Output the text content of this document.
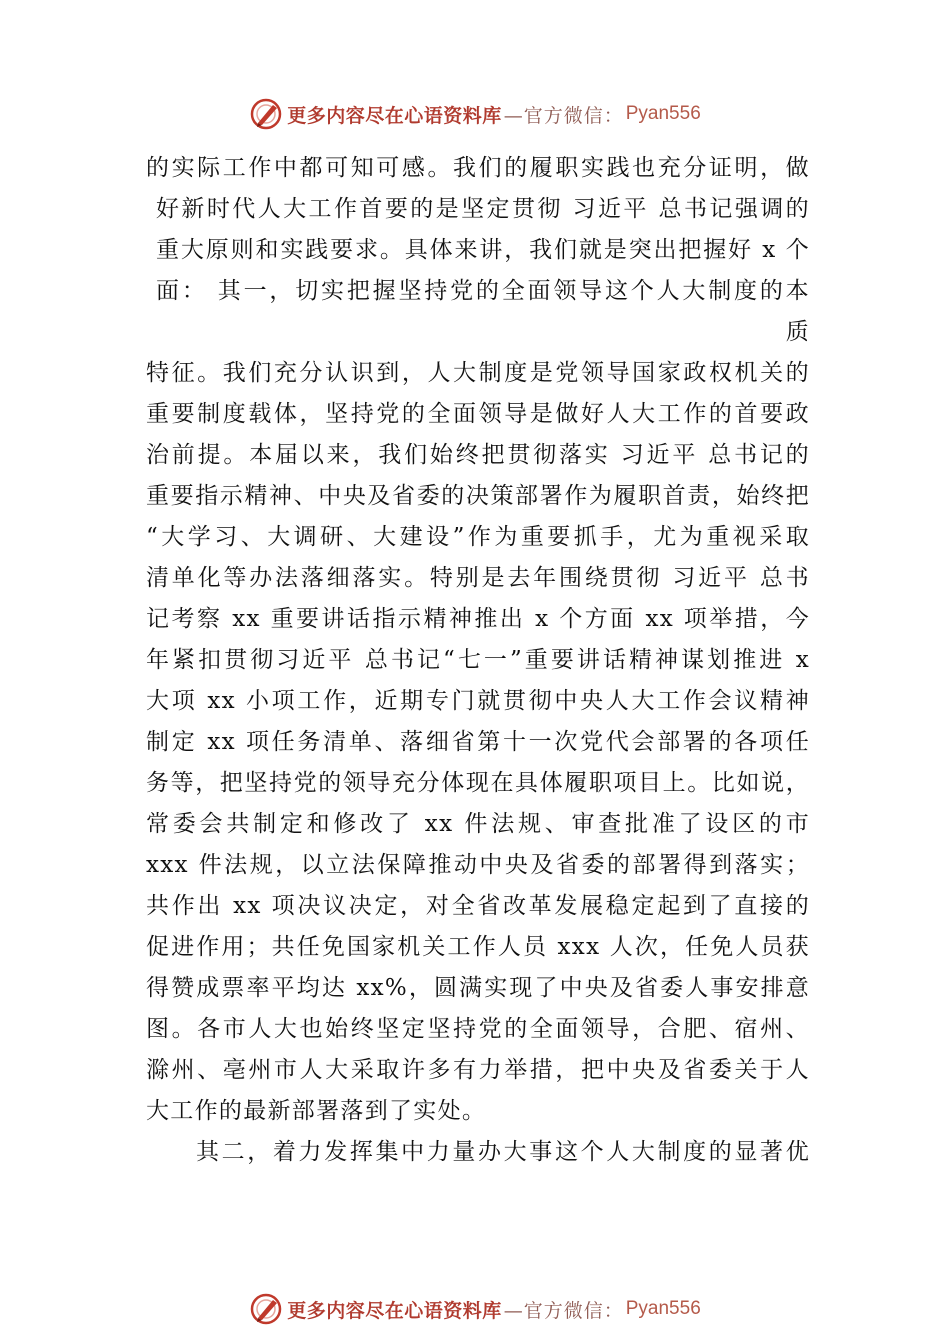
更多内容尽在心语资料库 —官方微信： Pyan556
的实际工作中都可知可感。我们的履职实践也充分证明，做
好新时代人大工作首要的是坚定贯彻 习近平 总书记强调的
重大原则和实践要求。具体来讲，我们就是突出把握好 x 个
面： 其一，切实把握坚持党的全面领导这个人大制度的本
质
特征。我们充分认识到，人大制度是党领导国家政权机关的
重要制度载体，坚持党的全面领导是做好人大工作的首要政
治前提。本届以来，我们始终把贯彻落实 习近平 总书记的
重要指示精神、中央及省委的决策部署作为履职首责，始终把
“大学习、大调研、大建设”作为重要抓手，尤为重视采取
清单化等办法落细落实。特别是去年围绕贯彻 习近平 总书
记考察 xx 重要讲话指示精神推出 x 个方面 xx 项举措，今
年紧扣贯彻习近平 总书记“七一”重要讲话精神谋划推进 x
大项 xx 小项工作，近期专门就贯彻中央人大工作会议精神
制定 xx 项任务清单、落细省第十一次党代会部署的各项任
务等，把坚持党的领导充分体现在具体履职项目上。比如说，
常委会共制定和修改了 xx 件法规、审查批准了设区的市
xxx 件法规，以立法保障推动中央及省委的部署得到落实；
共作出 xx 项决议决定，对全省改革发展稳定起到了直接的
促进作用；共任免国家机关工作人员 xxx 人次，任免人员获
得赞成票率平均达 xx%，圆满实现了中央及省委人事安排意
图。各市人大也始终坚定坚持党的全面领导，合肥、宿州、
滁州、亳州市人大采取许多有力举措，把中央及省委关于人
大工作的最新部署落到了实处。
其二，着力发挥集中力量办大事这个人大制度的显著优
更多内容尽在心语资料库 —官方微信： Pyan556
